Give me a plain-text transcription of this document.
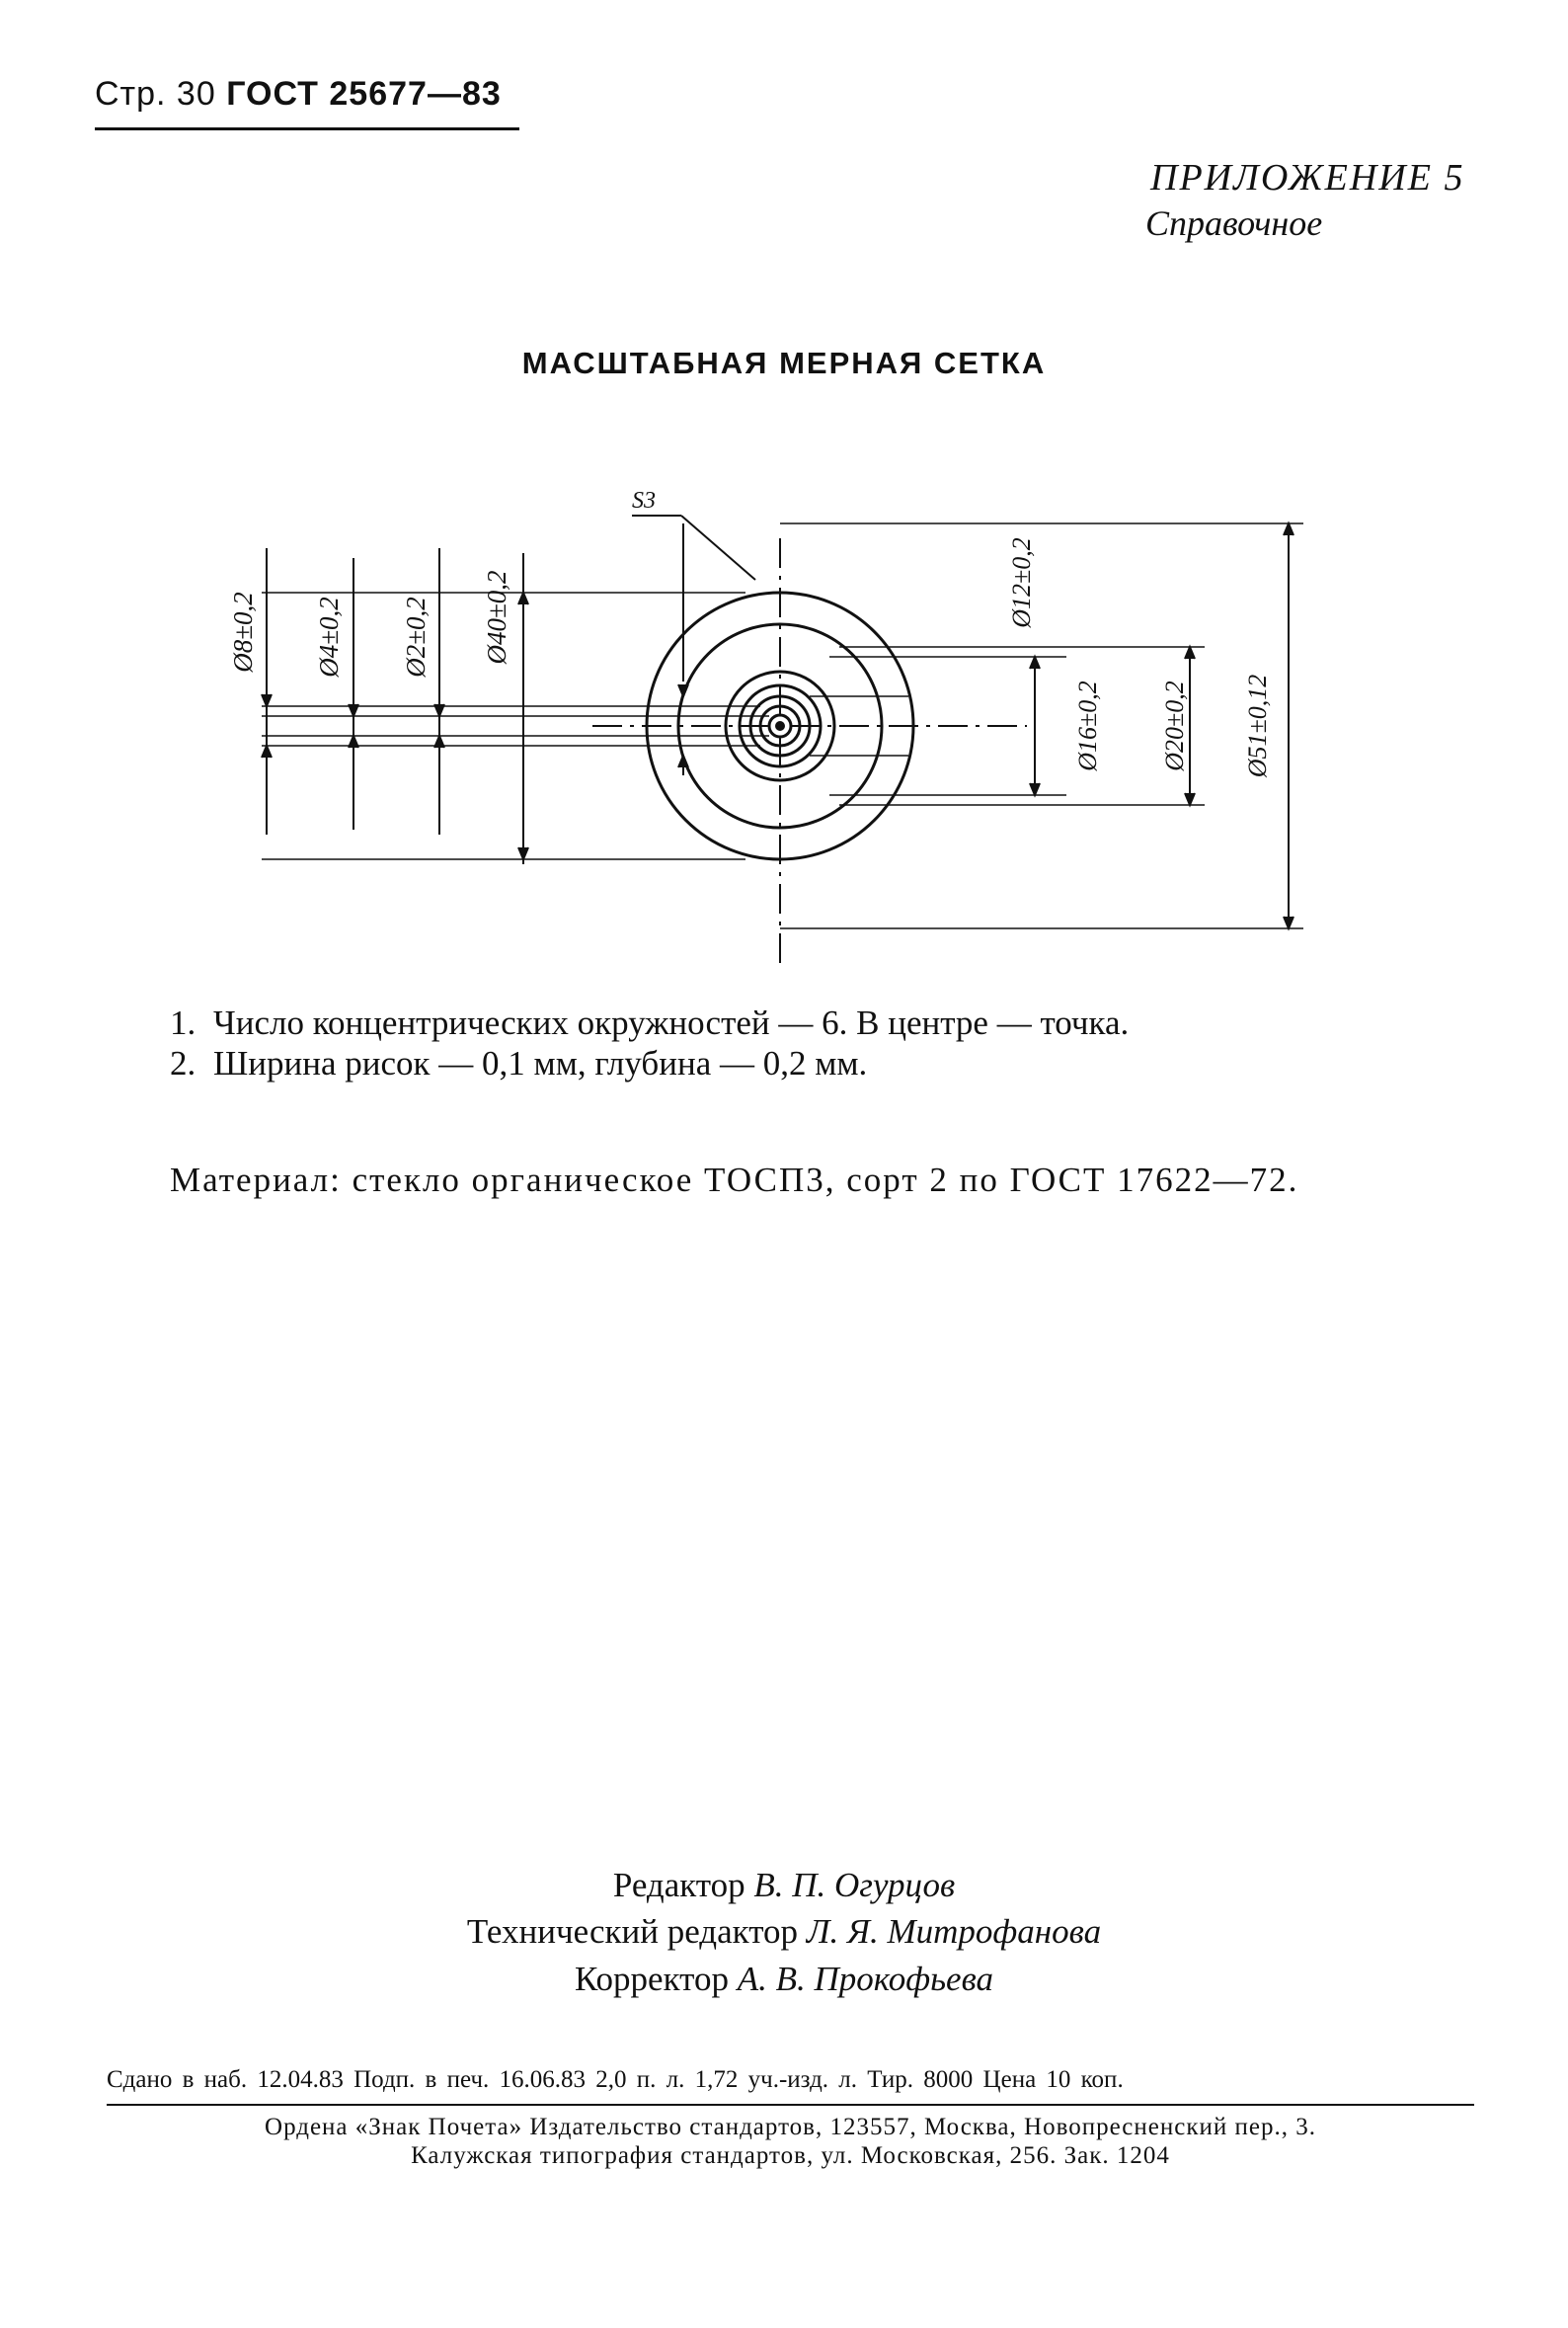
Стр. 30 ГОСТ 25677—83
ПРИЛОЖЕНИЕ 5
Справочное
МАСШТАБНАЯ МЕРНАЯ СЕТКА
S3
Ø8±0,2 Ø4±0,2 Ø2±0,2 Ø40±0,2	Ø12±0,2
Ø16±0,2 Ø20±0,2 Ø51±0,12
1. Число концентрических окружностей — 6. В центре — точка.
2. Ширина рисок — 0,1 мм, глубина — 0,2 мм.
Материал: стекло органическое ТОСП3, сорт 2 по ГОСТ 17622—72.
Редактор В. П. Огурцов
Технический редактор Л. Я. Митрофанова
Корректор А. В. Прокофьева
Сдано в наб. 12.04.83 Подп. в печ. 16.06.83 2,0 п. л. 1,72 уч.-изд. л. Тир. 8000 Цена 10 коп.
Ордена «Знак Почета» Издательство стандартов, 123557, Москва, Новопресненский пер., 3.
Калужская типография стандартов, ул. Московская, 256. Зак. 1204
